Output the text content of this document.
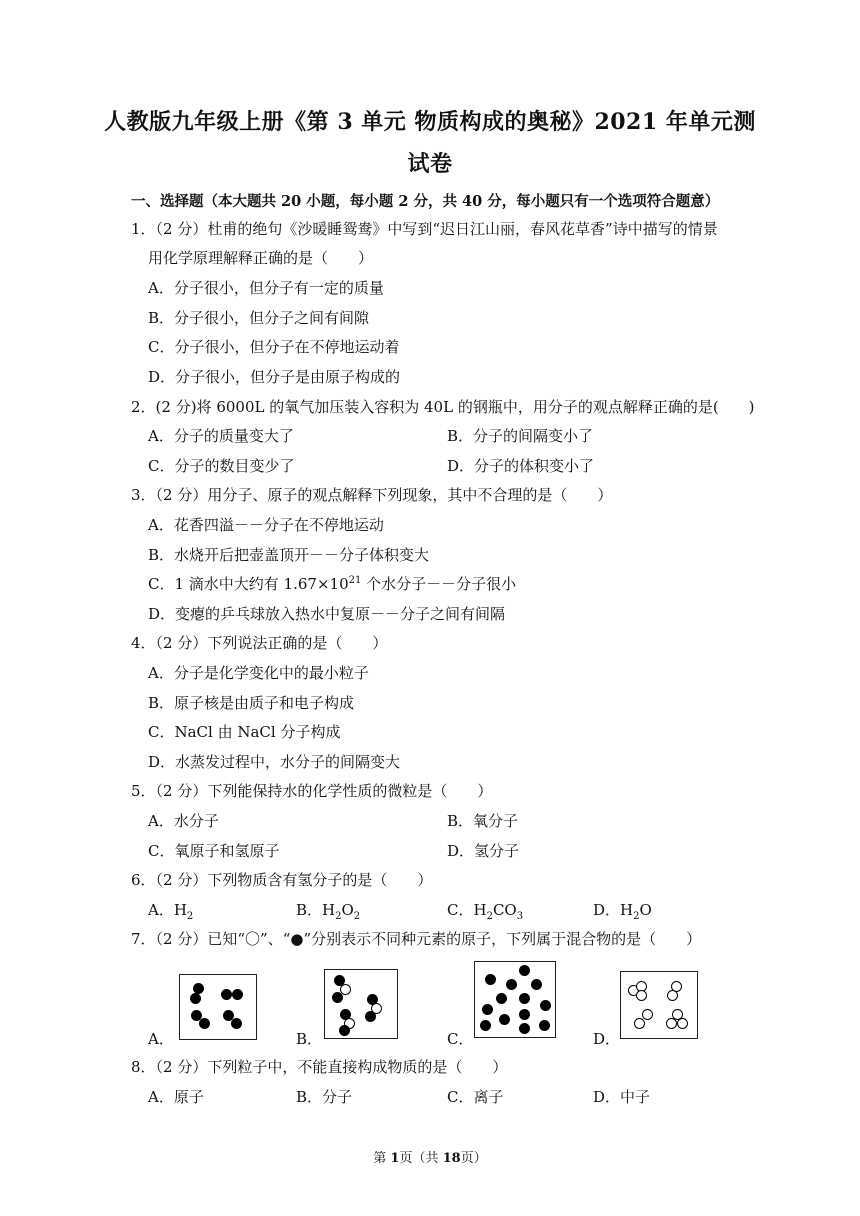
人教版九年级上册《第 3 单元 物质构成的奥秘》2021 年单元测
试卷
一、选择题（本大题共 20 小题，每小题 2 分，共 40 分，每小题只有一个选项符合题意）
1．（2 分）杜甫的绝句《沙暖睡鸳鸯》中写到“迟日江山丽，春风花草香”诗中描写的情景
用化学原理解释正确的是（　　）
A．分子很小，但分子有一定的质量
B．分子很小，但分子之间有间隙
C．分子很小，但分子在不停地运动着
D．分子很小，但分子是由原子构成的
2．(2 分)将 6000L 的氧气加压装入容积为 40L 的钢瓶中，用分子的观点解释正确的是(　　)
A．分子的质量变大了	B．分子的间隔变小了
C．分子的数目变少了	D．分子的体积变小了
3．（2 分）用分子、原子的观点解释下列现象，其中不合理的是（　　）
A．花香四溢－－分子在不停地运动
B．水烧开后把壶盖顶开－－分子体积变大
C．1 滴水中大约有 $1.67\times 10^{21}$ 个水分子－－分子很小
D．变瘪的乒乓球放入热水中复原－－分子之间有间隔
4．（2 分）下列说法正确的是（　　）
A．分子是化学变化中的最小粒子
B．原子核是由质子和电子构成
C．NaCl 由 NaCl 分子构成
D．水蒸发过程中，水分子的间隔变大
5．（2 分）下列能保持水的化学性质的微粒是（　　）
A．水分子	B．氧分子
C．氧原子和氢原子	D．氢分子
6．（2 分）下列物质含有氢分子的是（　　）
A．$H_2$	B．$H_2O_2$	C．$H_2CO_3$	D．$H_2O$
7．（2 分）已知“〇”、“●”分别表示不同种元素的原子，下列属于混合物的是（　　）
A．	B．	C．	D．
8．（2 分）下列粒子中，不能直接构成物质的是（　　）
A．原子	B．分子	C．离子	D．中子
第 1页（共 18页）
